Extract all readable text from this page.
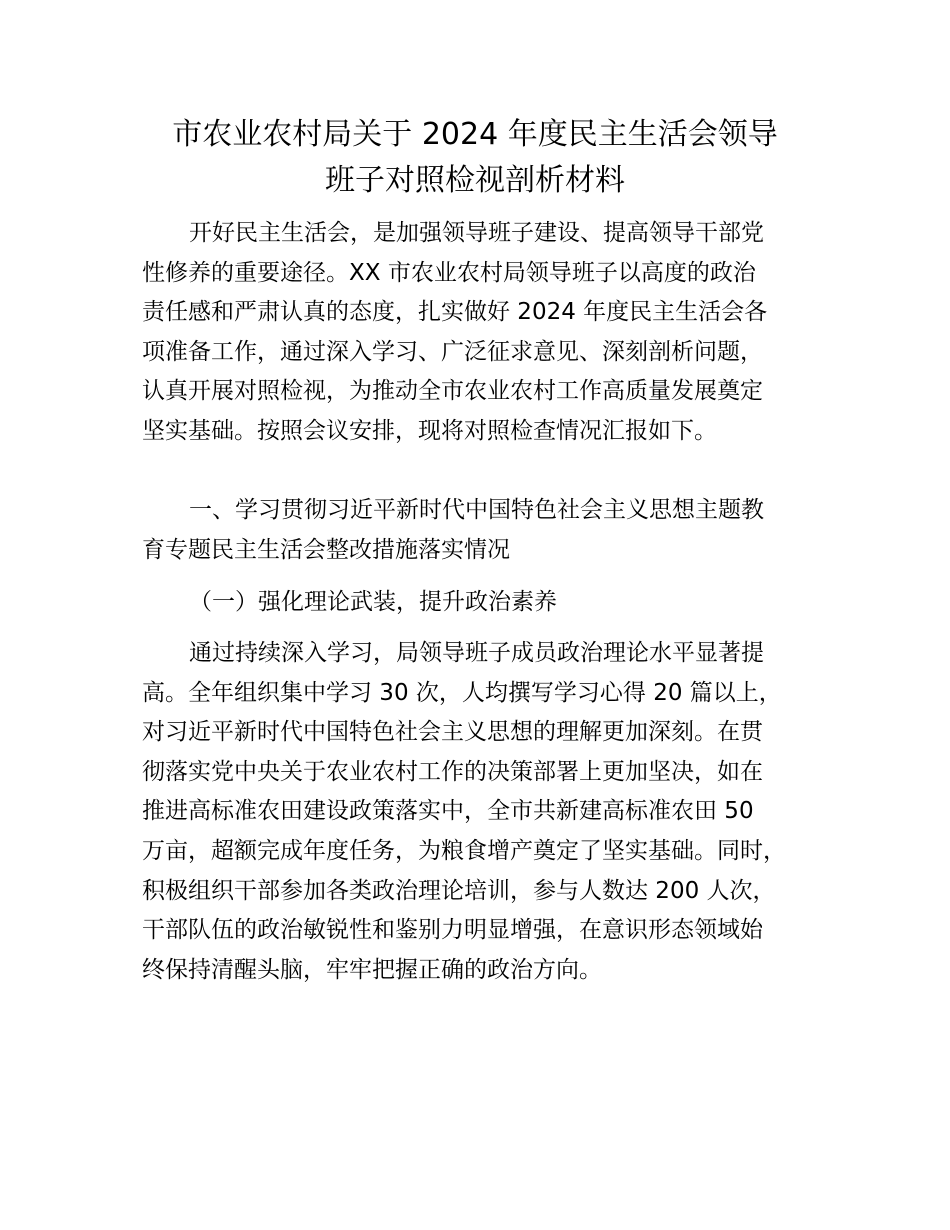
市农业农村局关于 2024 年度民主生活会领导
班子对照检视剖析材料

开好民主生活会，是加强领导班子建设、提高领导干部党
性修养的重要途径。XX 市农业农村局领导班子以高度的政治
责任感和严肃认真的态度，扎实做好 2024 年度民主生活会各
项准备工作，通过深入学习、广泛征求意见、深刻剖析问题，
认真开展对照检视，为推动全市农业农村工作高质量发展奠定
坚实基础。按照会议安排，现将对照检查情况汇报如下。

一、学习贯彻习近平新时代中国特色社会主义思想主题教
育专题民主生活会整改措施落实情况

（一）强化理论武装，提升政治素养

通过持续深入学习，局领导班子成员政治理论水平显著提
高。全年组织集中学习 30 次，人均撰写学习心得 20 篇以上，
对习近平新时代中国特色社会主义思想的理解更加深刻。在贯
彻落实党中央关于农业农村工作的决策部署上更加坚决，如在
推进高标准农田建设政策落实中，全市共新建高标准农田 50
万亩，超额完成年度任务，为粮食增产奠定了坚实基础。同时，
积极组织干部参加各类政治理论培训，参与人数达 200 人次，
干部队伍的政治敏锐性和鉴别力明显增强，在意识形态领域始
终保持清醒头脑，牢牢把握正确的政治方向。
